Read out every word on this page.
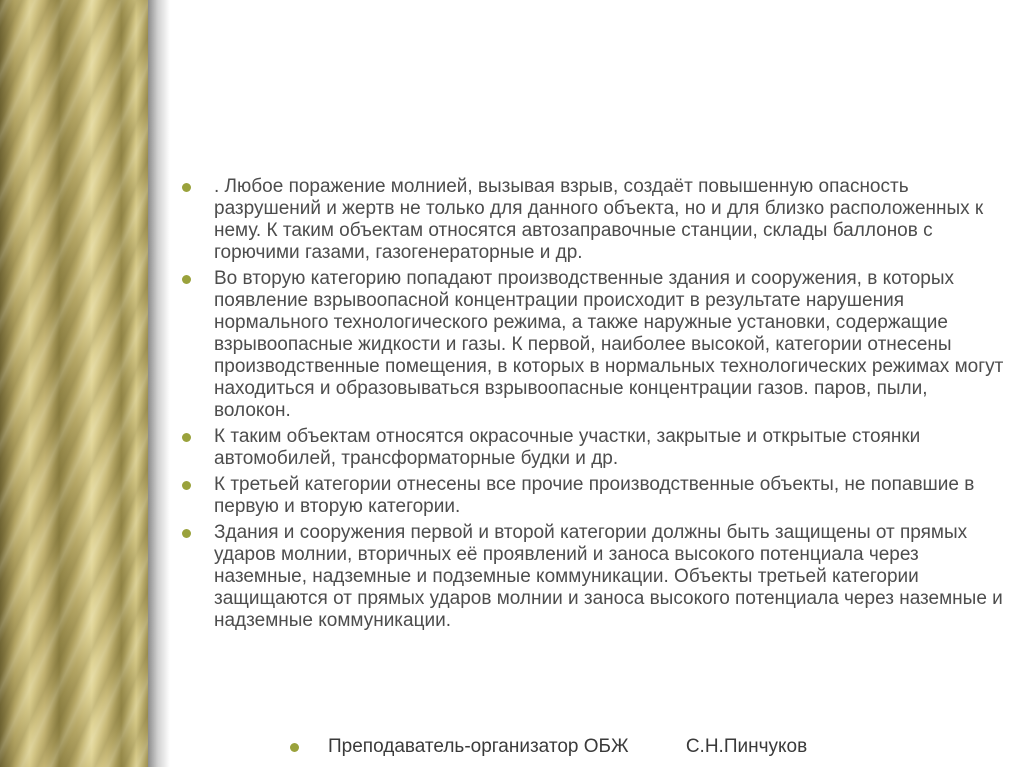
. Любое поражение молнией, вызывая взрыв, создаёт повышенную опасность разрушений и жертв не только для данного объекта, но и для близко расположенных к нему. К таким объектам относятся автозаправочные станции, склады баллонов с горючими газами, газогенераторные и др.
Во вторую категорию попадают производственные здания и сооружения, в которых появление взрывоопасной концентрации происходит в результате нарушения нормального технологического режима, а также наружные установки, содержащие взрывоопасные жидкости и газы. К первой, наиболее высокой, категории отнесены производственные помещения, в которых в нормальных технологических режимах могут находиться и образовываться взрывоопасные концентрации газов. паров, пыли, волокон.
К таким объектам относятся окрасочные участки, закрытые и открытые стоянки автомобилей, трансформаторные будки и др.
К третьей категории отнесены все прочие производственные объекты, не попавшие в первую и вторую категории.
Здания и сооружения первой и второй категории должны быть защищены от прямых ударов молнии, вторичных её проявлений и заноса высокого потенциала через наземные, надземные и подземные коммуникации. Объекты третьей категории защищаются от прямых ударов молнии и заноса высокого потенциала через наземные и надземные коммуникации.
Преподаватель-организатор ОБЖ	С.Н.Пинчуков
